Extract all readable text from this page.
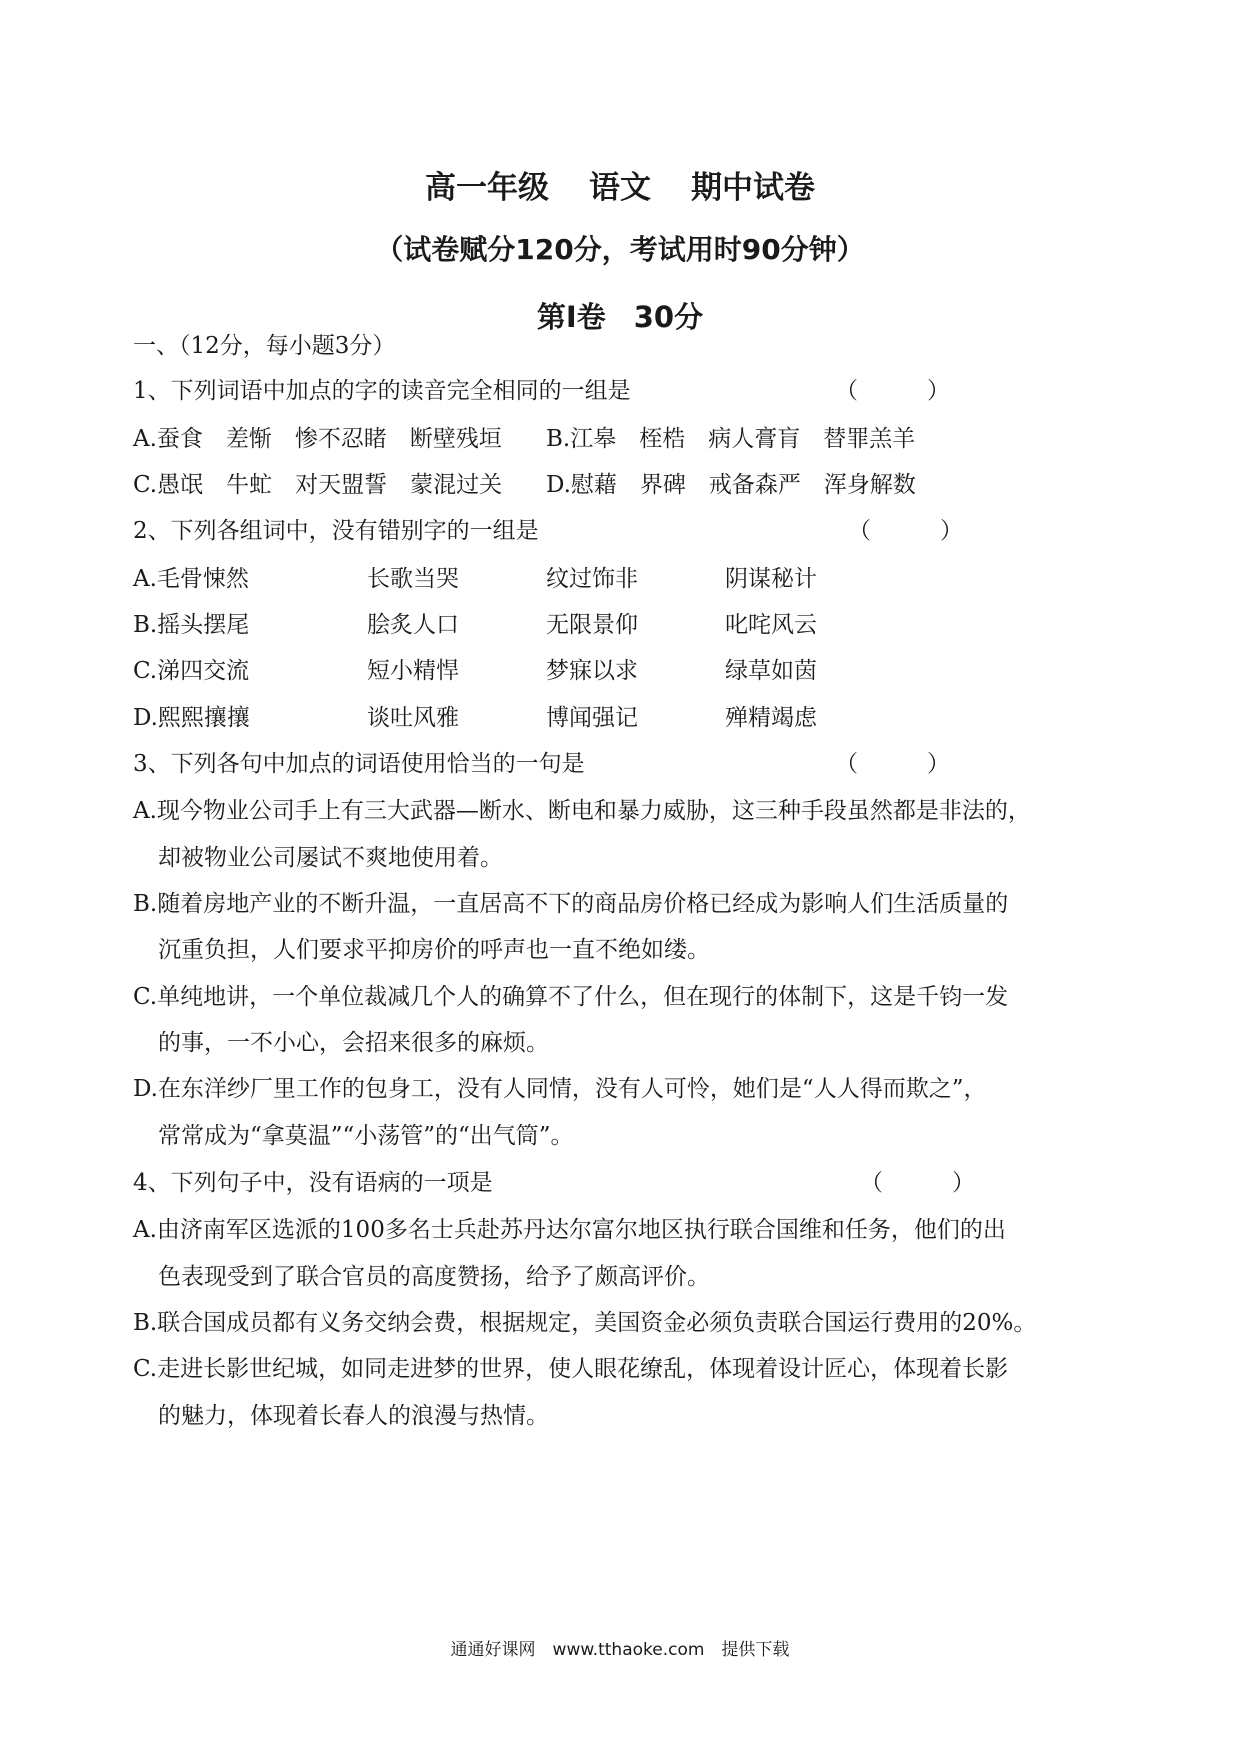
高一年级 语文 期中试卷
（试卷赋分120分，考试用时90分钟）
第Ⅰ卷 30分
一、（12分，每小题3分）
1、下列词语中加点的字的读音完全相同的一组是	（　　　）
A.蚕食　差惭　惨不忍睹　断壁残垣 B.江皋　桎梏　病人膏肓　替罪羔羊
C.愚氓　牛虻　对天盟誓　蒙混过关 D.慰藉　界碑　戒备森严　浑身解数
2、下列各组词中，没有错别字的一组是	（　　　）
A.毛骨悚然	长歌当哭	纹过饰非	阴谋秘计
B.摇头摆尾	脍炙人口	无限景仰	叱咤风云
C.涕四交流	短小精悍	梦寐以求	绿草如茵
D.熙熙攘攘	谈吐风雅	博闻强记	殚精竭虑
3、下列各句中加点的词语使用恰当的一句是	（　　　）
A.现今物业公司手上有三大武器—断水、断电和暴力威胁，这三种手段虽然都是非法的，
却被物业公司屡试不爽地使用着。
B.随着房地产业的不断升温，一直居高不下的商品房价格已经成为影响人们生活质量的
沉重负担，人们要求平抑房价的呼声也一直不绝如缕。
C.单纯地讲，一个单位裁减几个人的确算不了什么，但在现行的体制下，这是千钧一发
的事，一不小心，会招来很多的麻烦。
D.在东洋纱厂里工作的包身工，没有人同情，没有人可怜，她们是“人人得而欺之”，
常常成为“拿莫温”“小荡管”的“出气筒”。
4、下列句子中，没有语病的一项是	（　　　）
A.由济南军区选派的100多名士兵赴苏丹达尔富尔地区执行联合国维和任务，他们的出
色表现受到了联合官员的高度赞扬，给予了颇高评价。
B.联合国成员都有义务交纳会费，根据规定，美国资金必须负责联合国运行费用的20%。
C.走进长影世纪城，如同走进梦的世界，使人眼花缭乱，体现着设计匠心，体现着长影
的魅力，体现着长春人的浪漫与热情。
通通好课网　www.tthaoke.com　提供下载
